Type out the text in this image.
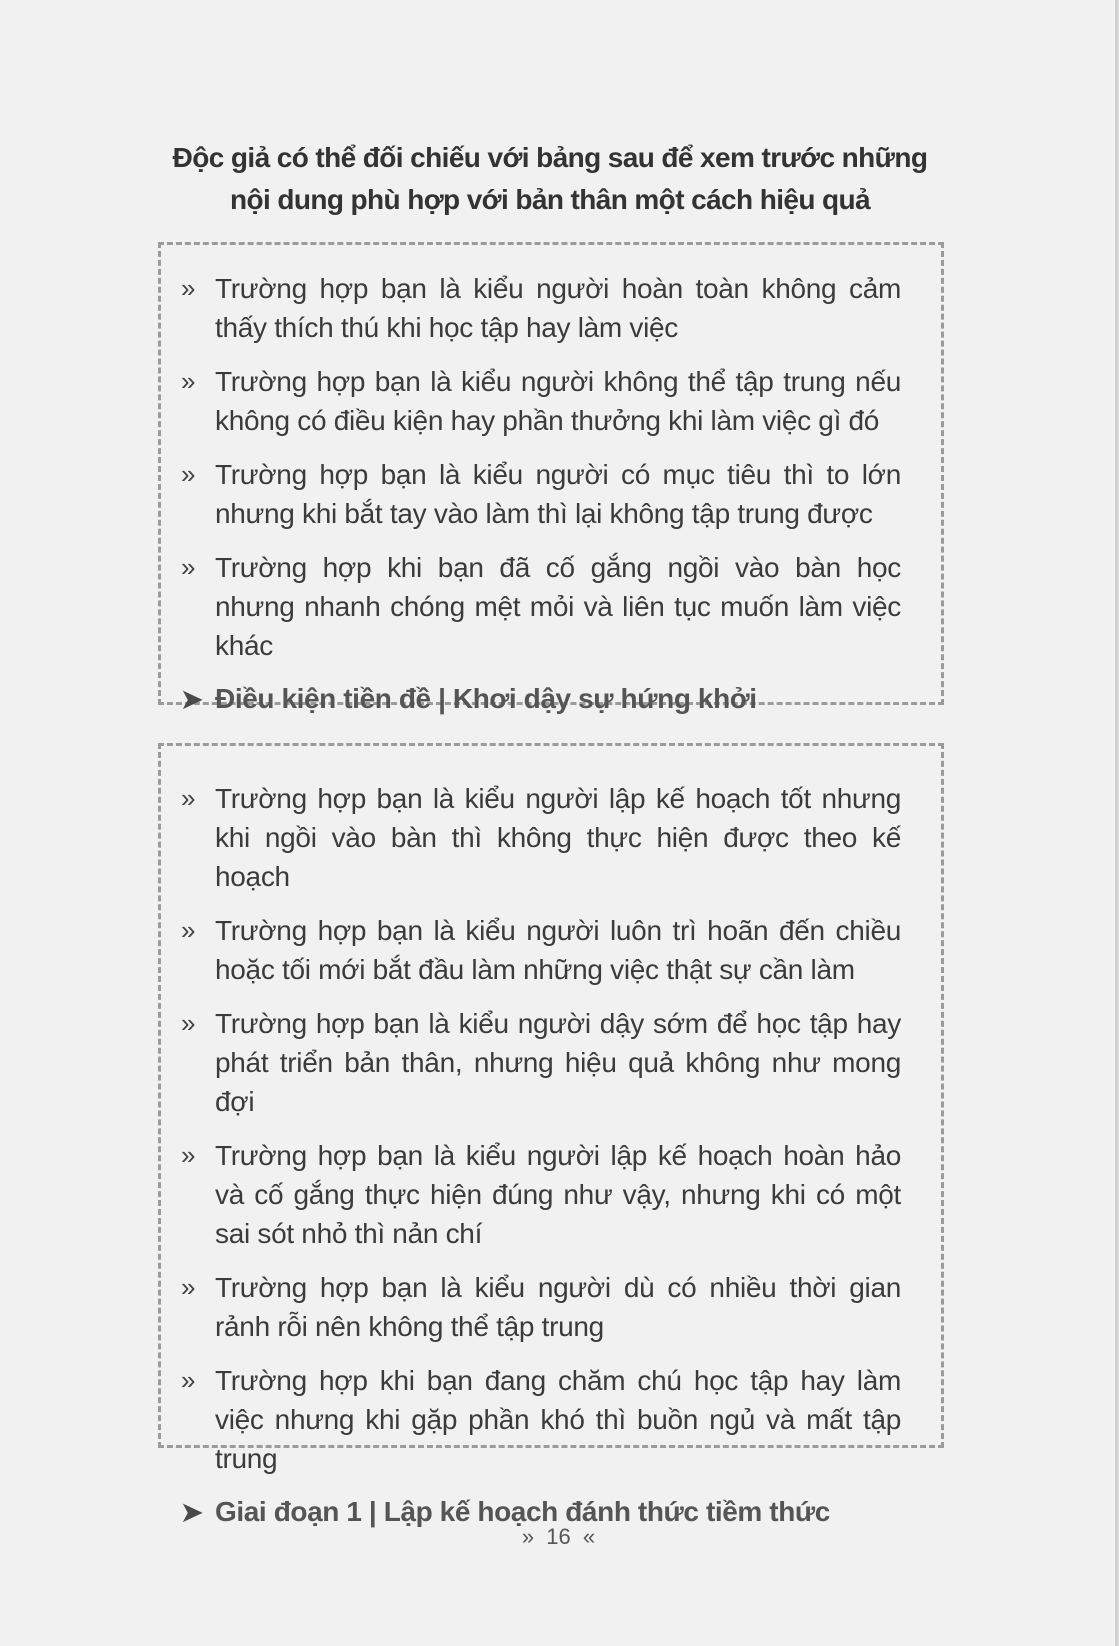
Độc giả có thể đối chiếu với bảng sau để xem trước những
nội dung phù hợp với bản thân một cách hiệu quả
» Trường hợp bạn là kiểu người hoàn toàn không cảm thấy thích thú khi học tập hay làm việc
» Trường hợp bạn là kiểu người không thể tập trung nếu không có điều kiện hay phần thưởng khi làm việc gì đó
» Trường hợp bạn là kiểu người có mục tiêu thì to lớn nhưng khi bắt tay vào làm thì lại không tập trung được
» Trường hợp khi bạn đã cố gắng ngồi vào bàn học nhưng nhanh chóng mệt mỏi và liên tục muốn làm việc khác
➤ Điều kiện tiền đề | Khơi dậy sự hứng khởi
» Trường hợp bạn là kiểu người lập kế hoạch tốt nhưng khi ngồi vào bàn thì không thực hiện được theo kế hoạch
» Trường hợp bạn là kiểu người luôn trì hoãn đến chiều hoặc tối mới bắt đầu làm những việc thật sự cần làm
» Trường hợp bạn là kiểu người dậy sớm để học tập hay phát triển bản thân, nhưng hiệu quả không như mong đợi
» Trường hợp bạn là kiểu người lập kế hoạch hoàn hảo và cố gắng thực hiện đúng như vậy, nhưng khi có một sai sót nhỏ thì nản chí
» Trường hợp bạn là kiểu người dù có nhiều thời gian rảnh rỗi nên không thể tập trung
» Trường hợp khi bạn đang chăm chú học tập hay làm việc nhưng khi gặp phần khó thì buồn ngủ và mất tập trung
➤ Giai đoạn 1 | Lập kế hoạch đánh thức tiềm thức
» 16 «
